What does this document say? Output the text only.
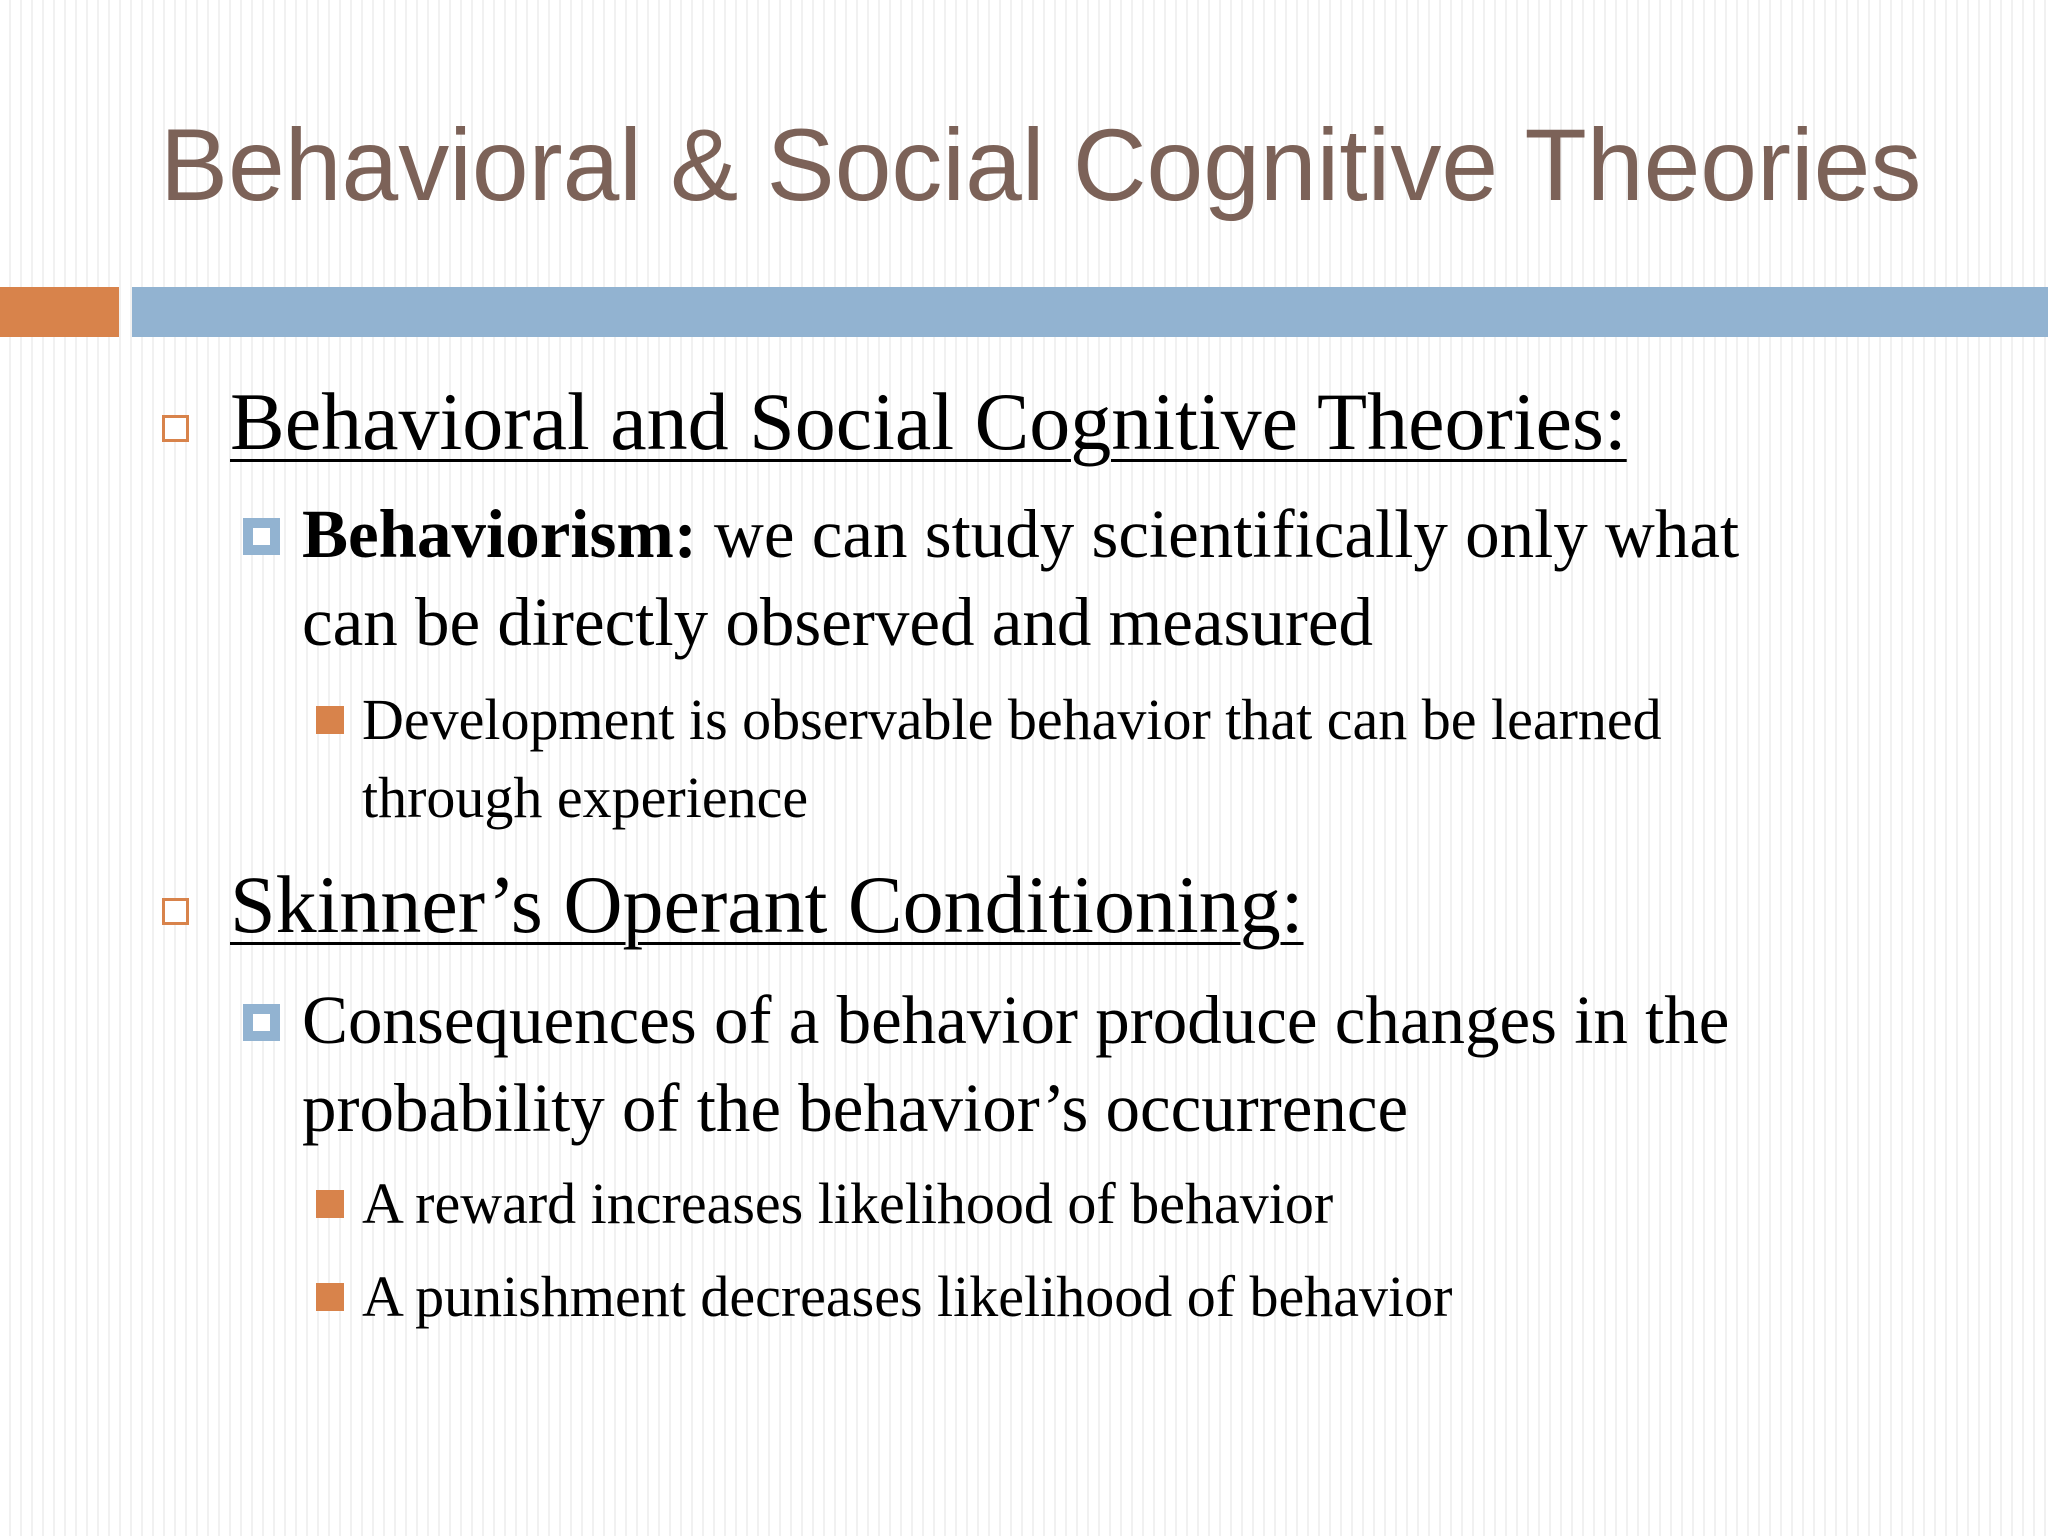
Behavioral & Social Cognitive Theories
Behavioral and Social Cognitive Theories:
Behaviorism: we can study scientifically only what
can be directly observed and measured
Development is observable behavior that can be learned
through experience
Skinner’s Operant Conditioning:
Consequences of a behavior produce changes in the
probability of the behavior’s occurrence
A reward increases likelihood of behavior
A punishment decreases likelihood of behavior
